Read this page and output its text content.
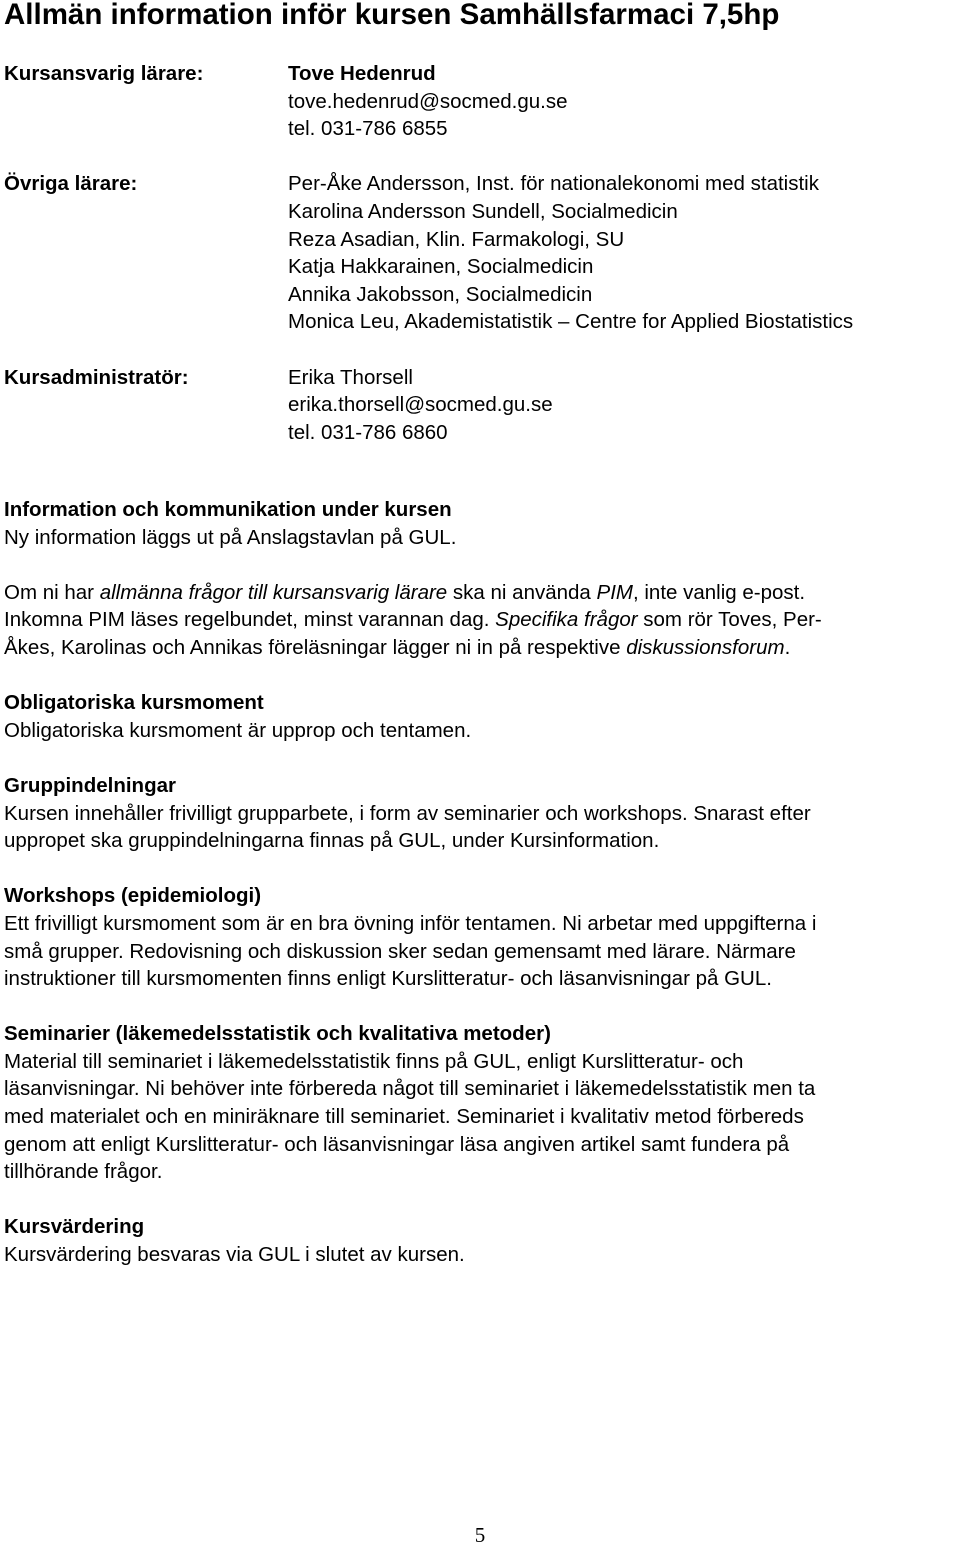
Allmän information inför kursen Samhällsfarmaci 7,5hp
Kursansvarig lärare:	Tove Hedenrud
tove.hedenrud@socmed.gu.se
tel. 031-786 6855
Övriga lärare:	Per-Åke Andersson, Inst. för nationalekonomi med statistik
Karolina Andersson Sundell, Socialmedicin
Reza Asadian, Klin. Farmakologi, SU
Katja Hakkarainen, Socialmedicin
Annika Jakobsson, Socialmedicin
Monica Leu, Akademistatistik – Centre for Applied Biostatistics
Kursadministratör:	Erika Thorsell
erika.thorsell@socmed.gu.se
tel. 031-786 6860

Information och kommunikation under kursen

Ny information läggs ut på Anslagstavlan på GUL.

Om ni har allmänna frågor till kursansvarig lärare ska ni använda PIM, inte vanlig e-post.

Inkomna PIM läses regelbundet, minst varannan dag. Specifika frågor som rör Toves, Per-

Åkes, Karolinas och Annikas föreläsningar lägger ni in på respektive diskussionsforum.

Obligatoriska kursmoment

Obligatoriska kursmoment är upprop och tentamen.

Gruppindelningar

Kursen innehåller frivilligt grupparbete, i form av seminarier och workshops. Snarast efter

uppropet ska gruppindelningarna finnas på GUL, under Kursinformation.

Workshops (epidemiologi)

Ett frivilligt kursmoment som är en bra övning inför tentamen. Ni arbetar med uppgifterna i

små grupper. Redovisning och diskussion sker sedan gemensamt med lärare. Närmare

instruktioner till kursmomenten finns enligt Kurslitteratur- och läsanvisningar på GUL.

Seminarier (läkemedelsstatistik och kvalitativa metoder)

Material till seminariet i läkemedelsstatistik finns på GUL, enligt Kurslitteratur- och

läsanvisningar. Ni behöver inte förbereda något till seminariet i läkemedelsstatistik men ta

med materialet och en miniräknare till seminariet. Seminariet i kvalitativ metod förbereds

genom att enligt Kurslitteratur- och läsanvisningar läsa angiven artikel samt fundera på

tillhörande frågor.

Kursvärdering

Kursvärdering besvaras via GUL i slutet av kursen.

5
